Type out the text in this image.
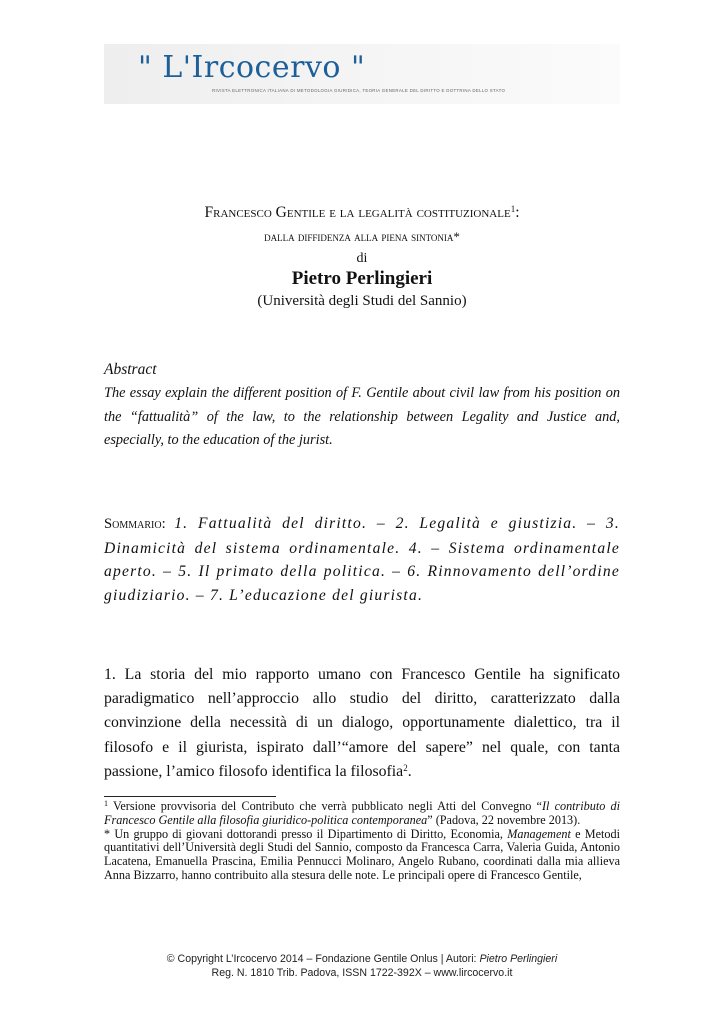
" L'Ircocervo "
RIVISTA ELETTRONICA ITALIANA DI METODOLOGIA GIURIDICA, TEORIA GENERALE DEL DIRITTO E DOTTRINA DELLO STATO
Francesco Gentile e la legalità costituzionale$^1$:
dalla diffidenza alla piena sintonia*
di
Pietro Perlingieri
(Università degli Studi del Sannio)
Abstract
The essay explain the different position of F. Gentile about civil law from his position on the “fattualità” of the law, to the relationship between Legality and Justice and, especially, to the education of the jurist.
Sommario: 1. Fattualità del diritto. – 2. Legalità e giustizia. – 3. Dinamicità del sistema ordinamentale. 4. – Sistema ordinamentale aperto. – 5. Il primato della politica. – 6. Rinnovamento dell’ordine giudiziario. – 7. L’educazione del giurista.
1. La storia del mio rapporto umano con Francesco Gentile ha significato paradigmatico nell’approccio allo studio del diritto, caratterizzato dalla convinzione della necessità di un dialogo, opportunamente dialettico, tra il filosofo e il giurista, ispirato dall’“amore del sapere” nel quale, con tanta passione, l’amico filosofo identifica la filosofia$^2$.

$^1$ Versione provvisoria del Contributo che verrà pubblicato negli Atti del Convegno “Il contributo di Francesco Gentile alla filosofia giuridico-politica contemporanea” (Padova, 22 novembre 2013).

* Un gruppo di giovani dottorandi presso il Dipartimento di Diritto, Economia, Management e Metodi quantitativi dell’Università degli Studi del Sannio, composto da Francesca Carra, Valeria Guida, Antonio Lacatena, Emanuella Prascina, Emilia Pennucci Molinaro, Angelo Rubano, coordinati dalla mia allieva Anna Bizzarro, hanno contribuito alla stesura delle note. Le principali opere di Francesco Gentile,

© Copyright L’Ircocervo 2014 – Fondazione Gentile Onlus | Autori: Pietro Perlingieri
Reg. N. 1810 Trib. Padova, ISSN 1722-392X – www.lircocervo.it
